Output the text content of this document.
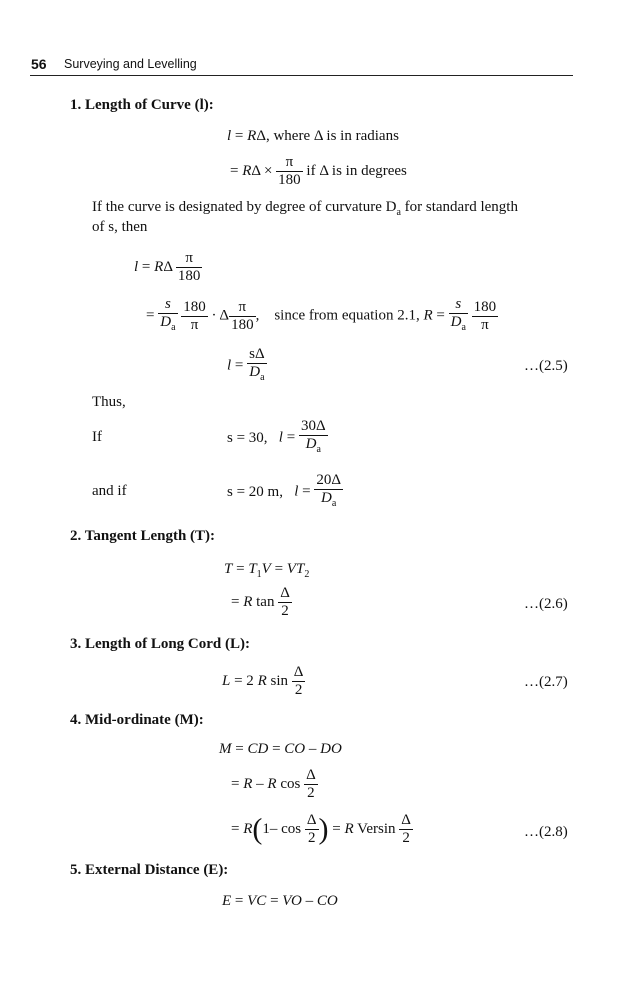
56 Surveying and Levelling
1. Length of Curve (l):
l = RΔ, where Δ is in radians
= $R\Delta \times \frac{\pi}{180}$ if Δ is in degrees
If the curve is designated by degree of curvature $D_a$ for standard length
of s, then
l = RΔ $\frac{\pi}{180}$
= $\frac{s}{D_a}$
$\frac{180}{\pi} \cdot \Delta \frac{\pi}{180}$ ,    since from equation 2.1, $R = \frac{s}{D_a}$
$\frac{180}{\pi}$
$l = \frac{s\Delta}{D_a}$	…(2.5)
Thus,
If	s = 30, $l = \frac{30\Delta}{D_a}$
and if	s = 20 m, $l = \frac{20\Delta}{D_a}$
2. Tangent Length (T):
$T = T_1V = VT_2$
= R $\tan \frac{\Delta}{2}$	…(2.6)
3. Length of Long Cord (L):
L = 2 R $\sin \frac{\Delta}{2}$	…(2.7)
4. Mid-ordinate (M):
M = CD = CO – DO
= R – R $\cos \frac{\Delta}{2}$
= R(1– $\cos \frac{\Delta}{2}$ ) = R Versin $\frac{\Delta}{2}$	…(2.8)
5. External Distance (E):
E = VC = VO – CO
